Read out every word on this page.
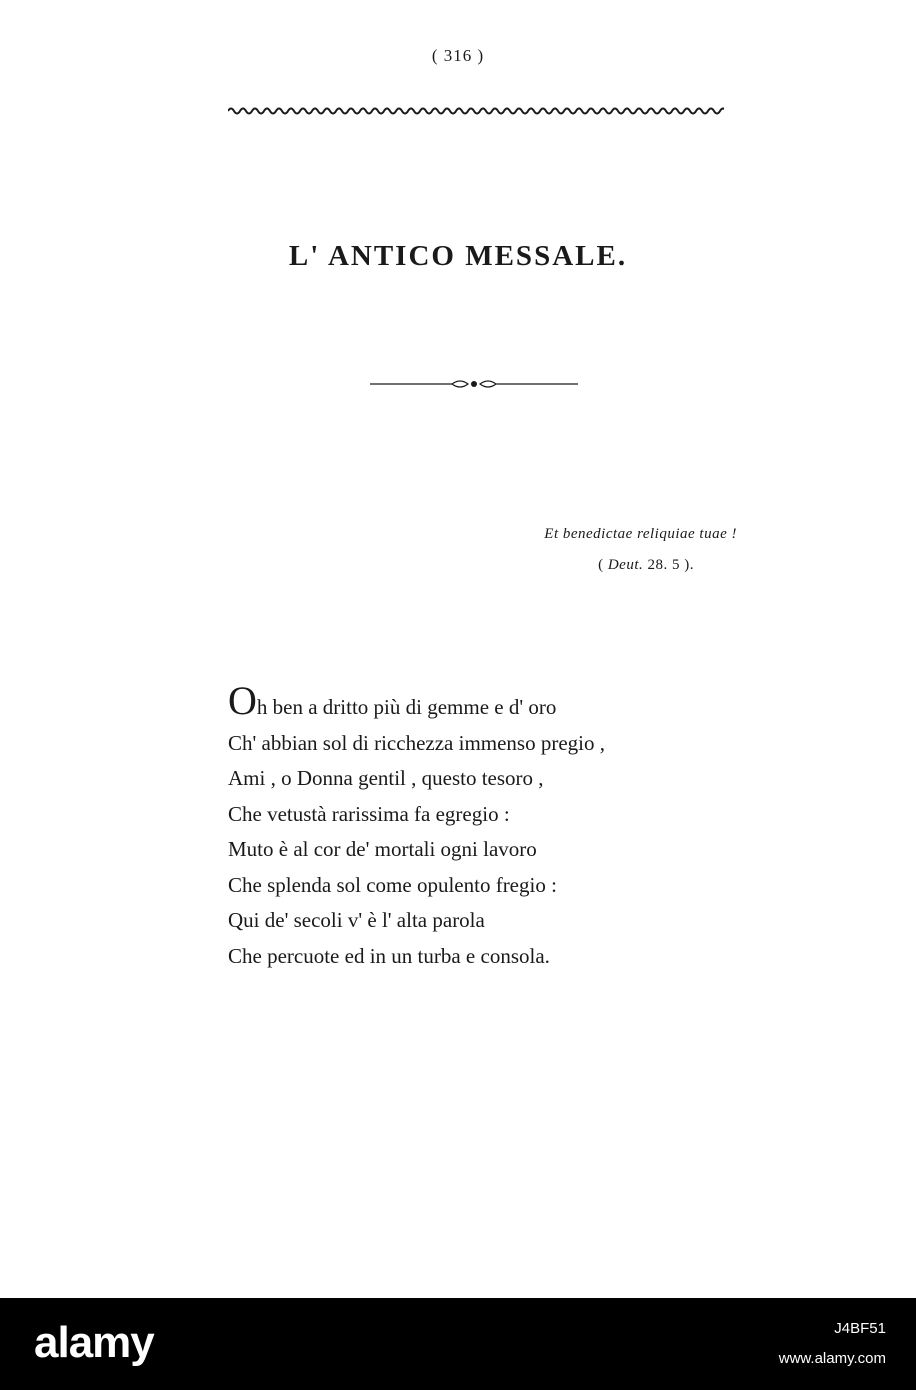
( 316 )
L' ANTICO MESSALE.
Et benedictae reliquiae tuae !
( Deut. 28. 5 ).
Oh ben a dritto più di gemme e d' oro
Ch' abbian sol di ricchezza immenso pregio ,
Ami , o Donna gentil , questo tesoro ,
Che vetustà rarissima fa egregio :
Muto è al cor de' mortali ogni lavoro
Che splenda sol come opulento fregio :
Qui de' secoli v' è l' alta parola
Che percuote ed in un turba e consola.
alamy	J4BF51
www.alamy.com
